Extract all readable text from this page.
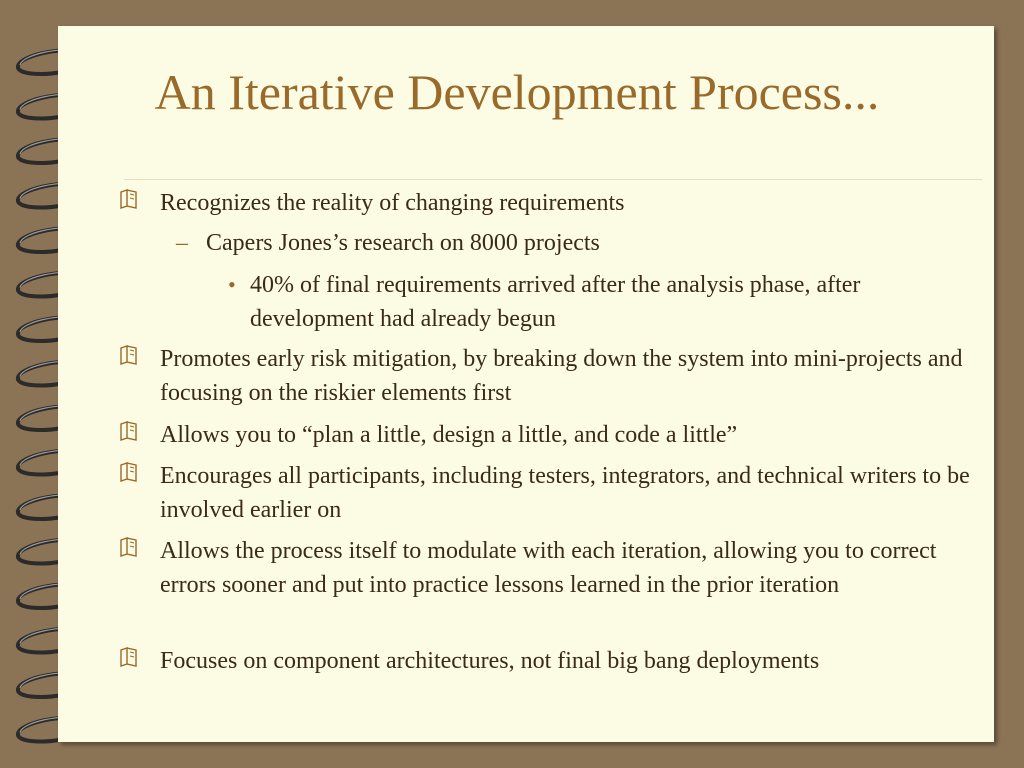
An Iterative Development Process...
Recognizes the reality of changing requirements
– Capers Jones’s research on 8000 projects
• 40% of final requirements arrived after the analysis phase, after development had already begun
Promotes early risk mitigation, by breaking down the system into mini-projects and focusing on the riskier elements first
Allows you to “plan a little, design a little, and code a little”
Encourages all participants, including testers, integrators, and technical writers to be involved earlier on
Allows the process itself to modulate with each iteration, allowing you to correct errors sooner and put into practice lessons learned in the prior iteration
Focuses on component architectures, not final big bang deployments
